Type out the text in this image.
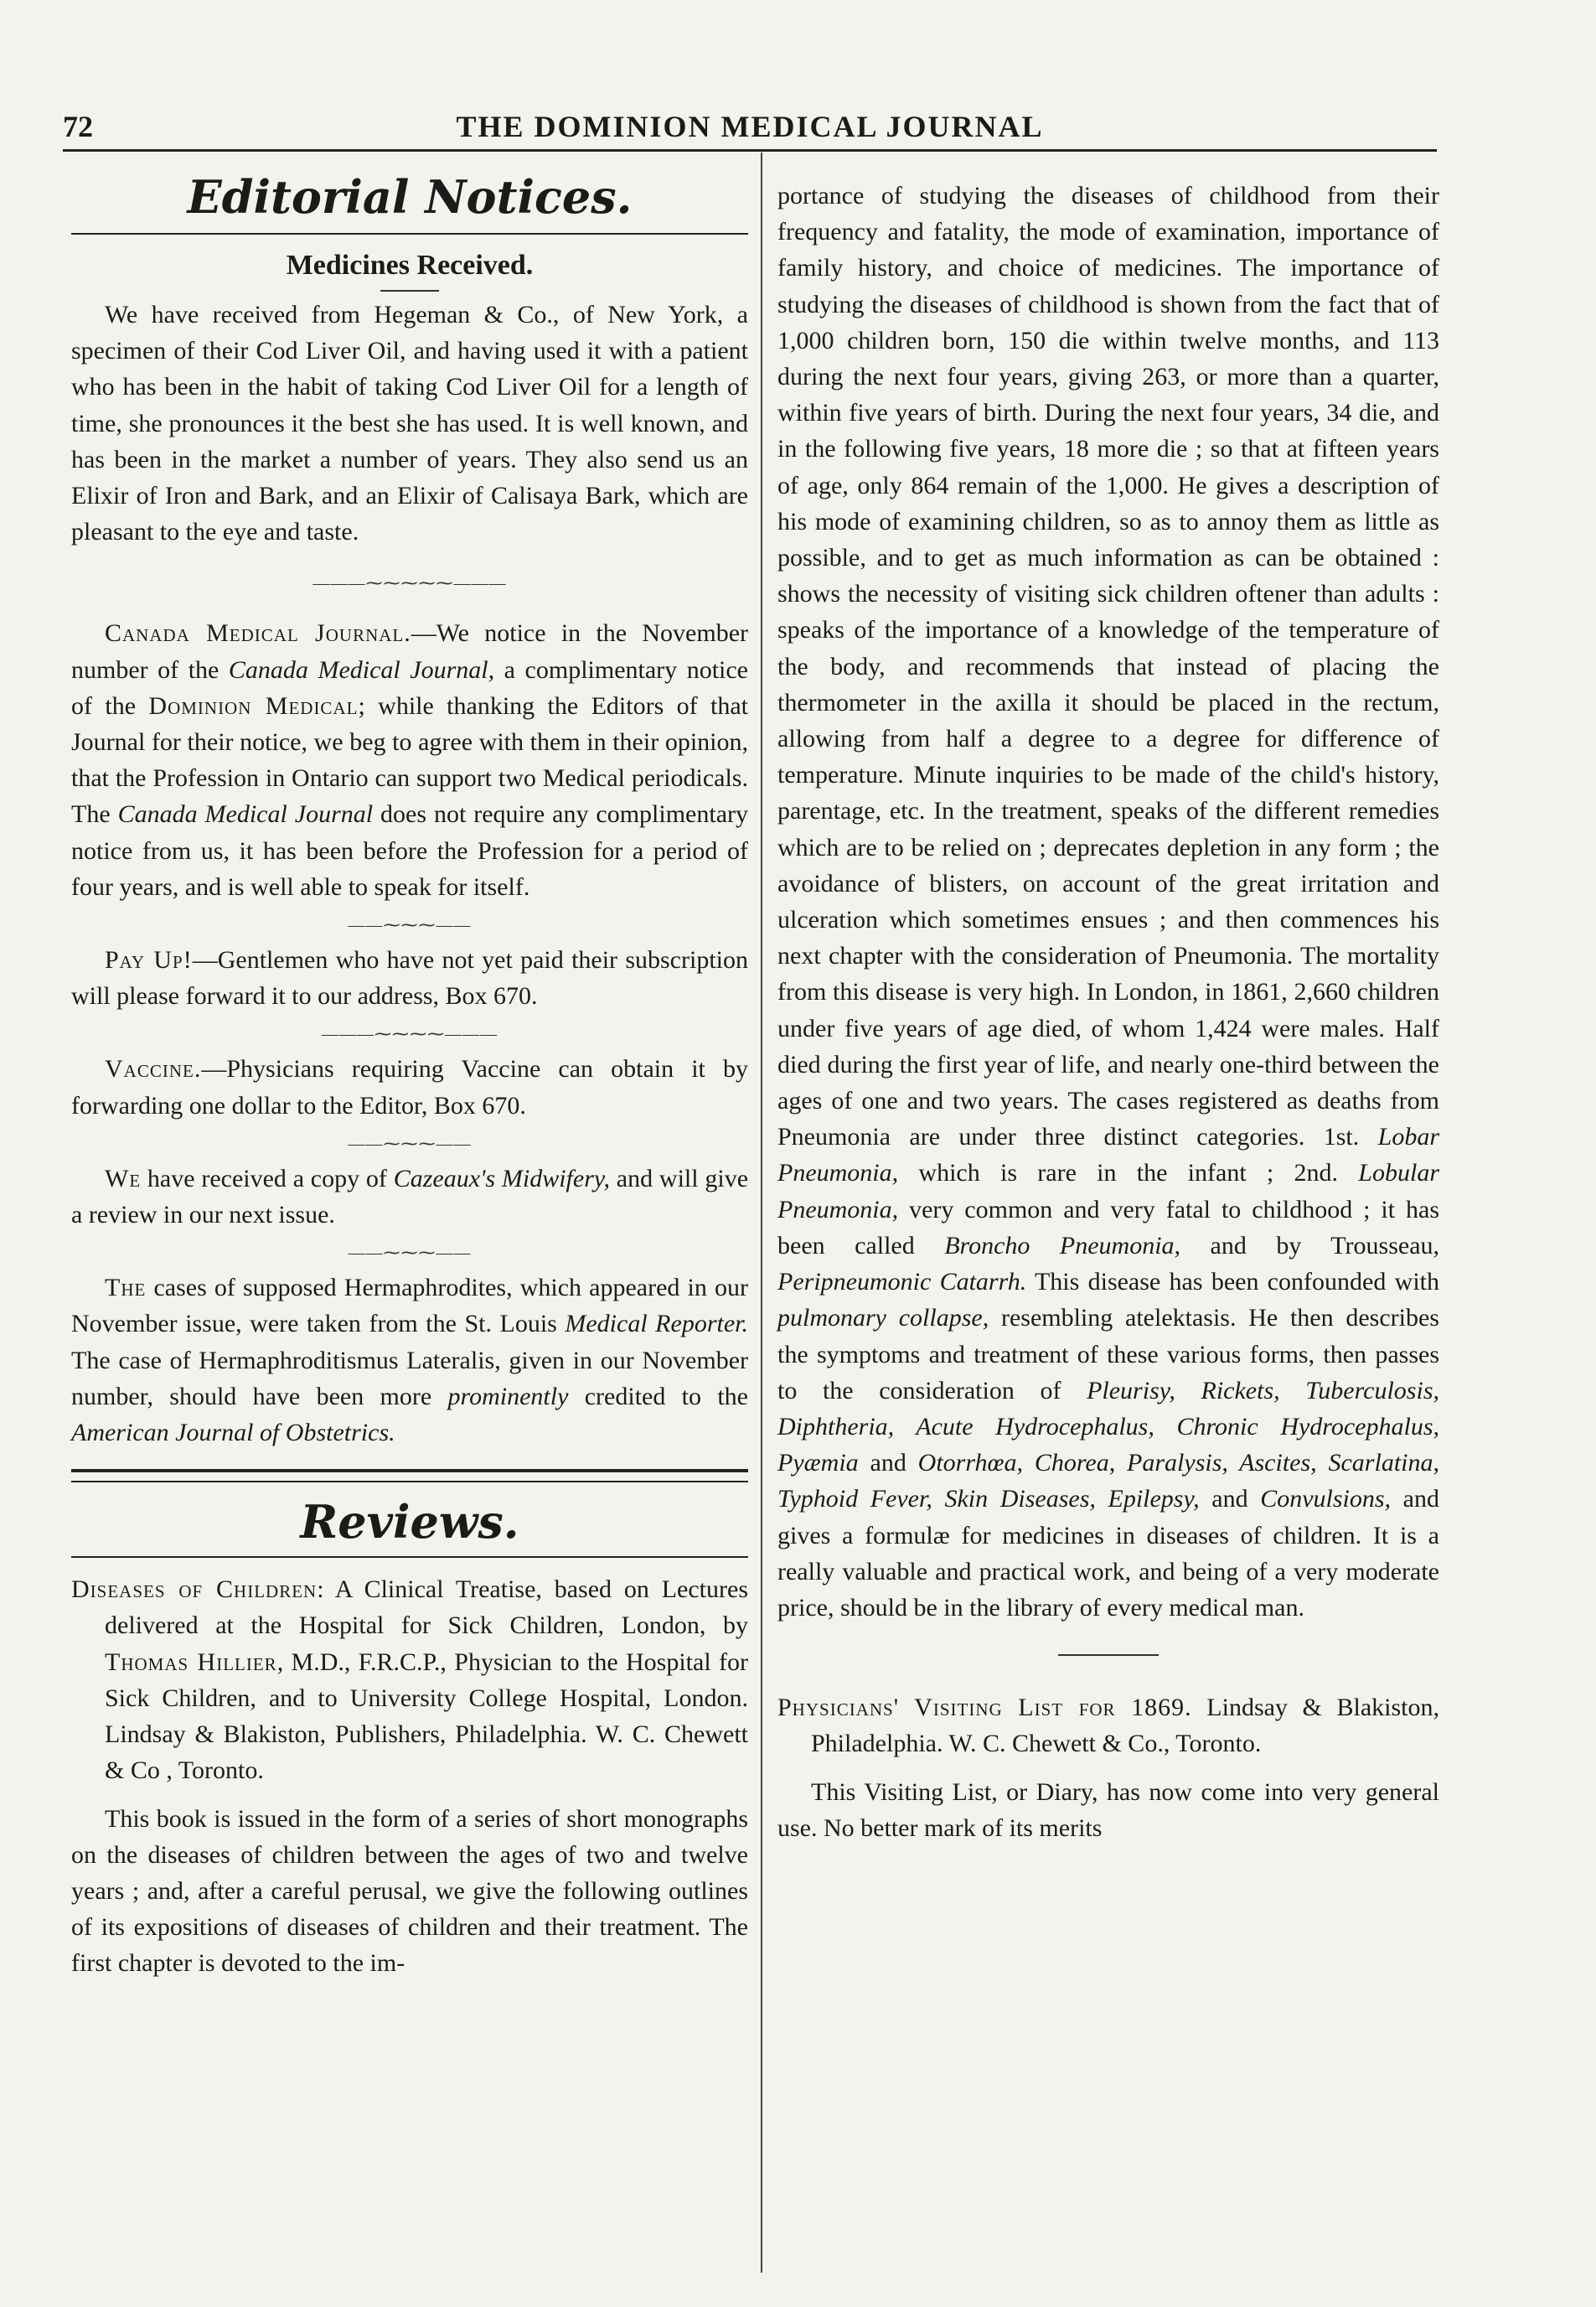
72	THE DOMINION MEDICAL JOURNAL
Editorial Notices.
Medicines Received.

We have received from Hegeman & Co., of New York, a specimen of their Cod Liver Oil, and having used it with a patient who has been in the habit of taking Cod Liver Oil for a length of time, she pronounces it the best she has used. It is well known, and has been in the market a number of years. They also send us an Elixir of Iron and Bark, and an Elixir of Calisaya Bark, which are pleasant to the eye and taste.

———⁓⁓⁓⁓⁓———

Canada Medical Journal.—We notice in the November number of the Canada Medical Journal, a complimentary notice of the Dominion Medical; while thanking the Editors of that Journal for their notice, we beg to agree with them in their opinion, that the Profession in Ontario can support two Medical periodicals. The Canada Medical Journal does not require any complimentary notice from us, it has been before the Profession for a period of four years, and is well able to speak for itself.

——⁓⁓⁓——

Pay Up!—Gentlemen who have not yet paid their subscription will please forward it to our address, Box 670.

———⁓⁓⁓⁓———

Vaccine.—Physicians requiring Vaccine can obtain it by forwarding one dollar to the Editor, Box 670.

——⁓⁓⁓——

We have received a copy of Cazeaux's Midwifery, and will give a review in our next issue.

——⁓⁓⁓——

The cases of supposed Hermaphrodites, which appeared in our November issue, were taken from the St. Louis Medical Reporter. The case of Hermaphroditismus Lateralis, given in our November number, should have been more prominently credited to the American Journal of Obstetrics.

Reviews.

Diseases of Children: A Clinical Treatise, based on Lectures delivered at the Hospital for Sick Children, London, by Thomas Hillier, M.D., F.R.C.P., Physician to the Hospital for Sick Children, and to University College Hospital, London. Lindsay & Blakiston, Publishers, Philadelphia. W. C. Chewett & Co , Toronto.

This book is issued in the form of a series of short monographs on the diseases of children between the ages of two and twelve years ; and, after a careful perusal, we give the following outlines of its expositions of diseases of children and their treatment. The first chapter is devoted to the im-

portance of studying the diseases of childhood from their frequency and fatality, the mode of examination, importance of family history, and choice of medicines. The importance of studying the diseases of childhood is shown from the fact that of 1,000 children born, 150 die within twelve months, and 113 during the next four years, giving 263, or more than a quarter, within five years of birth. During the next four years, 34 die, and in the following five years, 18 more die ; so that at fifteen years of age, only 864 remain of the 1,000. He gives a description of his mode of examining children, so as to annoy them as little as possible, and to get as much information as can be obtained : shows the necessity of visiting sick children oftener than adults : speaks of the importance of a knowledge of the temperature of the body, and recommends that instead of placing the thermometer in the axilla it should be placed in the rectum, allowing from half a degree to a degree for difference of temperature. Minute inquiries to be made of the child's history, parentage, etc. In the treatment, speaks of the different remedies which are to be relied on ; deprecates depletion in any form ; the avoidance of blisters, on account of the great irritation and ulceration which sometimes ensues ; and then commences his next chapter with the consideration of Pneumonia. The mortality from this disease is very high. In London, in 1861, 2,660 children under five years of age died, of whom 1,424 were males. Half died during the first year of life, and nearly one-third between the ages of one and two years. The cases registered as deaths from Pneumonia are under three distinct categories. 1st. Lobar Pneumonia, which is rare in the infant ; 2nd. Lobular Pneumonia, very common and very fatal to childhood ; it has been called Broncho Pneumonia, and by Trousseau, Peripneumonic Catarrh. This disease has been confounded with pulmonary collapse, resembling atelektasis. He then describes the symptoms and treatment of these various forms, then passes to the consideration of Pleurisy, Rickets, Tuberculosis, Diphtheria, Acute Hydrocephalus, Chronic Hydrocephalus, Pyæmia and Otorrhœa, Chorea, Paralysis, Ascites, Scarlatina, Typhoid Fever, Skin Diseases, Epilepsy, and Convulsions, and gives a formulæ for medicines in diseases of children. It is a really valuable and practical work, and being of a very moderate price, should be in the library of every medical man.

Physicians' Visiting List for 1869. Lindsay & Blakiston, Philadelphia. W. C. Chewett & Co., Toronto.

This Visiting List, or Diary, has now come into very general use. No better mark of its merits
